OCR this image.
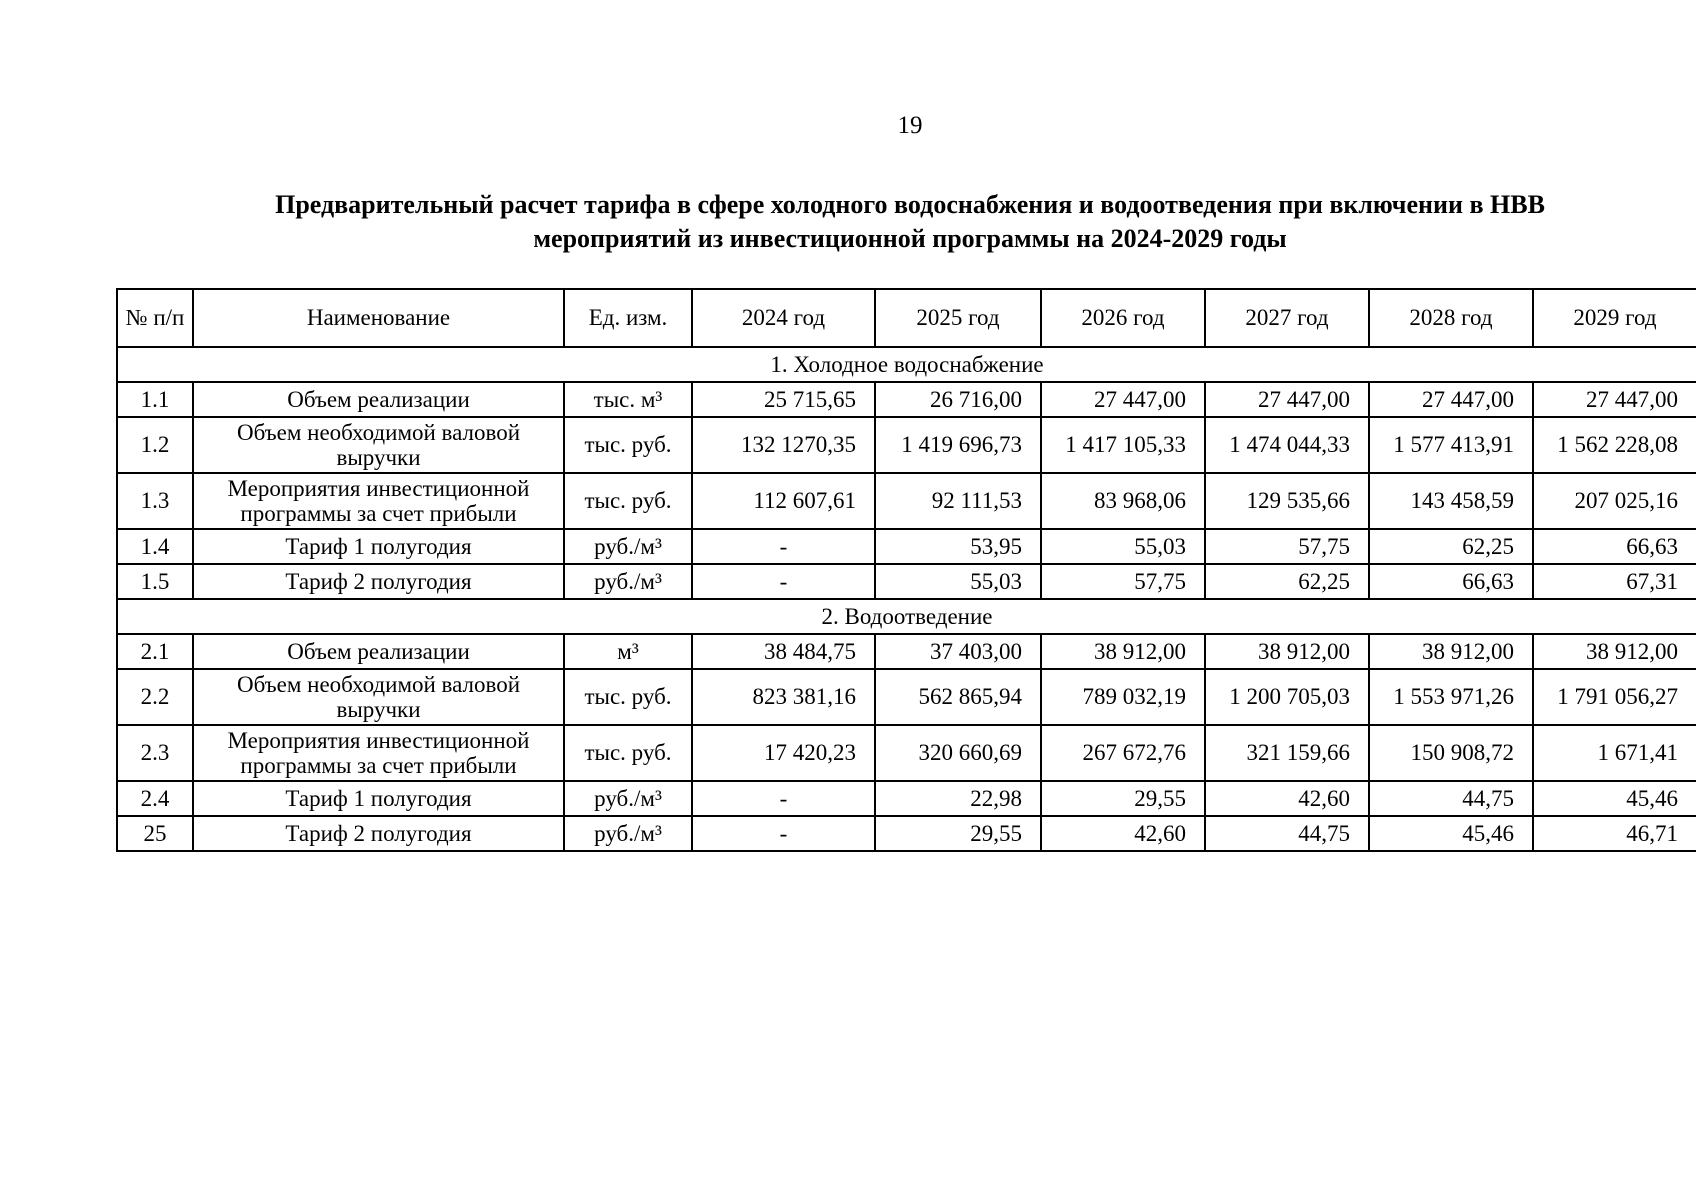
19
Предварительный расчет тарифа в сфере холодного водоснабжения и водоотведения при включении в НВВ
мероприятий из инвестиционной программы на 2024-2029 годы
№ п/п	Наименование	Ед. изм.	2024 год	2025 год	2026 год	2027 год	2028 год	2029 год
1. Холодное водоснабжение								
1.1	Объем реализации	тыс. м³	25 715,65	26 716,00	27 447,00	27 447,00	27 447,00	27 447,00
1.2	Объем необходимой валовой выручки	тыс. руб.	132 1270,35	1 419 696,73	1 417 105,33	1 474 044,33	1 577 413,91	1 562 228,08
1.3	Мероприятия инвестиционной программы за счет прибыли	тыс. руб.	112 607,61	92 111,53	83 968,06	129 535,66	143 458,59	207 025,16
1.4	Тариф 1 полугодия	руб./м³	-	53,95	55,03	57,75	62,25	66,63
1.5	Тариф 2 полугодия	руб./м³	-	55,03	57,75	62,25	66,63	67,31
2. Водоотведение								
2.1	Объем реализации	м³	38 484,75	37 403,00	38 912,00	38 912,00	38 912,00	38 912,00
2.2	Объем необходимой валовой выручки	тыс. руб.	823 381,16	562 865,94	789 032,19	1 200 705,03	1 553 971,26	1 791 056,27
2.3	Мероприятия инвестиционной программы за счет прибыли	тыс. руб.	17 420,23	320 660,69	267 672,76	321 159,66	150 908,72	1 671,41
2.4	Тариф 1 полугодия	руб./м³	-	22,98	29,55	42,60	44,75	45,46
25	Тариф 2 полугодия	руб./м³	-	29,55	42,60	44,75	45,46	46,71
